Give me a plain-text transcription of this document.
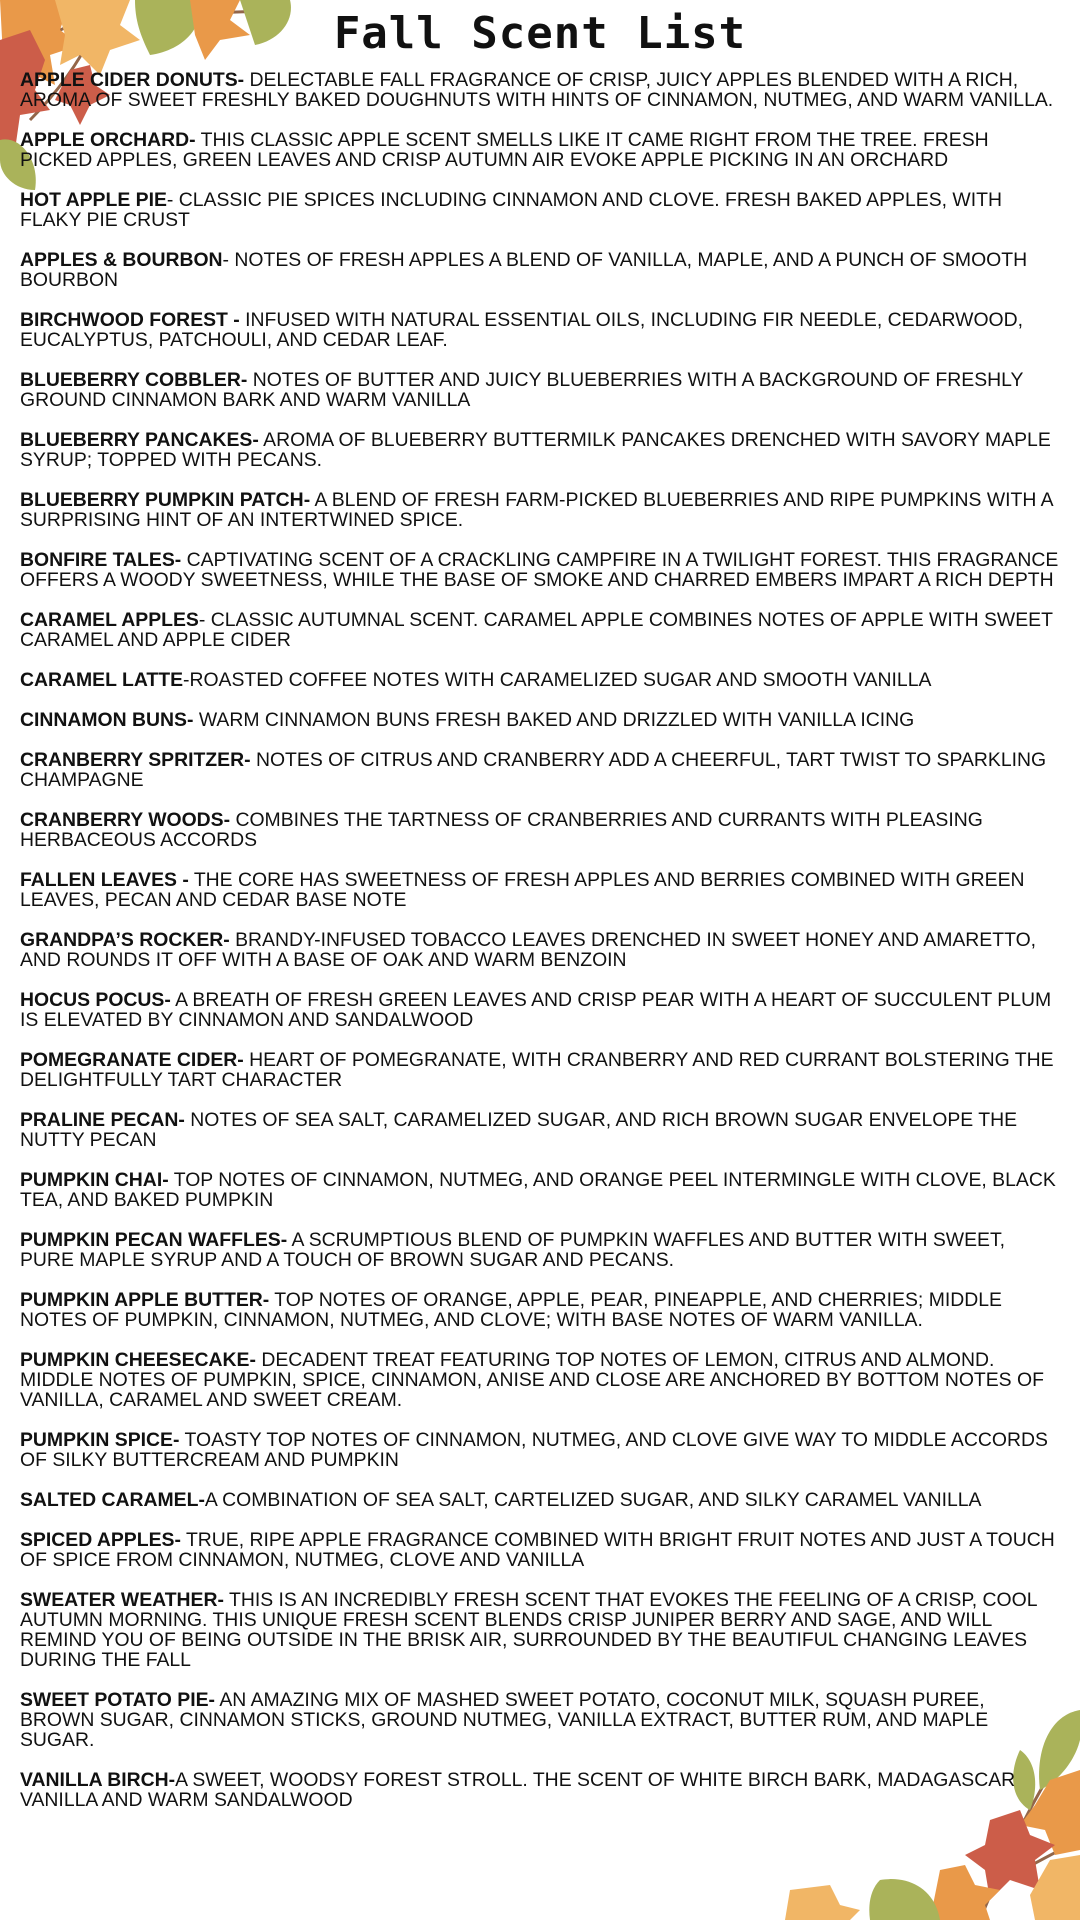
Fall Scent List
APPLE CIDER DONUTS- DELECTABLE FALL FRAGRANCE OF CRISP, JUICY APPLES BLENDED WITH A RICH, AROMA OF SWEET FRESHLY BAKED DOUGHNUTS WITH HINTS OF CINNAMON, NUTMEG, AND WARM VANILLA.
APPLE ORCHARD- THIS CLASSIC APPLE SCENT SMELLS LIKE IT CAME RIGHT FROM THE TREE. FRESH PICKED APPLES, GREEN LEAVES AND CRISP AUTUMN AIR EVOKE APPLE PICKING IN AN ORCHARD
HOT APPLE PIE- CLASSIC PIE SPICES INCLUDING CINNAMON AND CLOVE. FRESH BAKED APPLES, WITH FLAKY PIE CRUST
APPLES & BOURBON- NOTES OF FRESH APPLES A BLEND OF VANILLA, MAPLE, AND A PUNCH OF SMOOTH BOURBON
BIRCHWOOD FOREST - INFUSED WITH NATURAL ESSENTIAL OILS, INCLUDING FIR NEEDLE, CEDARWOOD, EUCALYPTUS, PATCHOULI, AND CEDAR LEAF.
BLUEBERRY COBBLER- NOTES OF BUTTER AND JUICY BLUEBERRIES WITH A BACKGROUND OF FRESHLY GROUND CINNAMON BARK AND WARM VANILLA
BLUEBERRY PANCAKES- AROMA OF BLUEBERRY BUTTERMILK PANCAKES DRENCHED WITH SAVORY MAPLE SYRUP; TOPPED WITH PECANS.
BLUEBERRY PUMPKIN PATCH- A BLEND OF FRESH FARM-PICKED BLUEBERRIES AND RIPE PUMPKINS WITH A SURPRISING HINT OF AN INTERTWINED SPICE.
BONFIRE TALES- CAPTIVATING SCENT OF A CRACKLING CAMPFIRE IN A TWILIGHT FOREST. THIS FRAGRANCE OFFERS A WOODY SWEETNESS, WHILE THE BASE OF SMOKE AND CHARRED EMBERS IMPART A RICH DEPTH
CARAMEL APPLES- CLASSIC AUTUMNAL SCENT. CARAMEL APPLE COMBINES NOTES OF APPLE WITH SWEET CARAMEL AND APPLE CIDER
CARAMEL LATTE-ROASTED COFFEE NOTES WITH CARAMELIZED SUGAR AND SMOOTH VANILLA
CINNAMON BUNS- WARM CINNAMON BUNS FRESH BAKED AND DRIZZLED WITH VANILLA ICING
CRANBERRY SPRITZER- NOTES OF CITRUS AND CRANBERRY ADD A CHEERFUL, TART TWIST TO SPARKLING CHAMPAGNE
CRANBERRY WOODS- COMBINES THE TARTNESS OF CRANBERRIES AND CURRANTS WITH PLEASING HERBACEOUS ACCORDS
FALLEN LEAVES - THE CORE HAS SWEETNESS OF FRESH APPLES AND BERRIES COMBINED WITH GREEN LEAVES, PECAN AND CEDAR BASE NOTE
GRANDPA’S ROCKER- BRANDY-INFUSED TOBACCO LEAVES DRENCHED IN SWEET HONEY AND AMARETTO, AND ROUNDS IT OFF WITH A BASE OF OAK AND WARM BENZOIN
HOCUS POCUS- A BREATH OF FRESH GREEN LEAVES AND CRISP PEAR WITH A HEART OF SUCCULENT PLUM IS ELEVATED BY CINNAMON AND SANDALWOOD
POMEGRANATE CIDER- HEART OF POMEGRANATE, WITH CRANBERRY AND RED CURRANT BOLSTERING THE DELIGHTFULLY TART CHARACTER
PRALINE PECAN- NOTES OF SEA SALT, CARAMELIZED SUGAR, AND RICH BROWN SUGAR ENVELOPE THE NUTTY PECAN
PUMPKIN CHAI- TOP NOTES OF CINNAMON, NUTMEG, AND ORANGE PEEL INTERMINGLE WITH CLOVE, BLACK TEA, AND BAKED PUMPKIN
PUMPKIN PECAN WAFFLES- A SCRUMPTIOUS BLEND OF PUMPKIN WAFFLES AND BUTTER WITH SWEET, PURE MAPLE SYRUP AND A TOUCH OF BROWN SUGAR AND PECANS.
PUMPKIN APPLE BUTTER- TOP NOTES OF ORANGE, APPLE, PEAR, PINEAPPLE, AND CHERRIES; MIDDLE NOTES OF PUMPKIN, CINNAMON, NUTMEG, AND CLOVE; WITH BASE NOTES OF WARM VANILLA.
PUMPKIN CHEESECAKE- DECADENT TREAT FEATURING TOP NOTES OF LEMON, CITRUS AND ALMOND. MIDDLE NOTES OF PUMPKIN, SPICE, CINNAMON, ANISE AND CLOSE ARE ANCHORED BY BOTTOM NOTES OF VANILLA, CARAMEL AND SWEET CREAM.
PUMPKIN SPICE- TOASTY TOP NOTES OF CINNAMON, NUTMEG, AND CLOVE GIVE WAY TO MIDDLE ACCORDS OF SILKY BUTTERCREAM AND PUMPKIN
SALTED CARAMEL-A COMBINATION OF SEA SALT, CARTELIZED SUGAR, AND SILKY CARAMEL VANILLA
SPICED APPLES- TRUE, RIPE APPLE FRAGRANCE COMBINED WITH BRIGHT FRUIT NOTES AND JUST A TOUCH OF SPICE FROM CINNAMON, NUTMEG, CLOVE AND VANILLA
SWEATER WEATHER- THIS IS AN INCREDIBLY FRESH SCENT THAT EVOKES THE FEELING OF A CRISP, COOL AUTUMN MORNING. THIS UNIQUE FRESH SCENT BLENDS CRISP JUNIPER BERRY AND SAGE, AND WILL REMIND YOU OF BEING OUTSIDE IN THE BRISK AIR, SURROUNDED BY THE BEAUTIFUL CHANGING LEAVES DURING THE FALL
SWEET POTATO PIE- AN AMAZING MIX OF MASHED SWEET POTATO, COCONUT MILK, SQUASH PUREE, BROWN SUGAR, CINNAMON STICKS, GROUND NUTMEG, VANILLA EXTRACT, BUTTER RUM, AND MAPLE SUGAR.
VANILLA BIRCH-A SWEET, WOODSY FOREST STROLL. THE SCENT OF WHITE BIRCH BARK, MADAGASCAR VANILLA AND WARM SANDALWOOD
